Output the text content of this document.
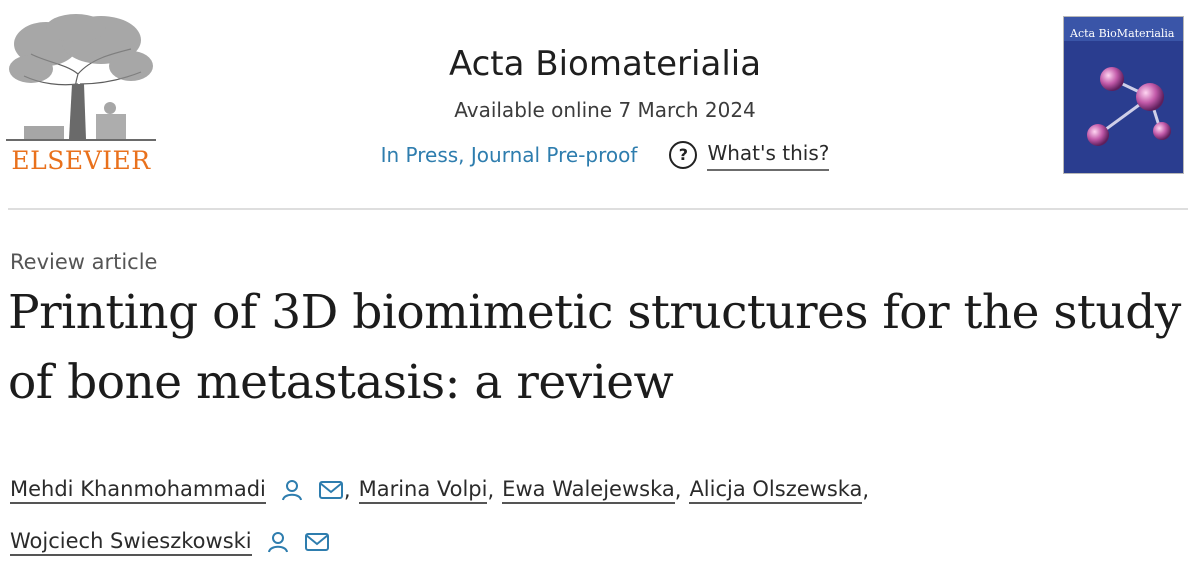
ELSEVIER
Acta Biomaterialia
Available online 7 March 2024
In Press, Journal Pre-proof	? What's this?
Acta BioMaterialia
Review article
Printing of 3D biomimetic structures for the study of bone metastasis: a review
Mehdi Khanmohammadi	, Marina Volpi , Ewa Walejewska , Alicja Olszewska ,
Wojciech Swieszkowski
